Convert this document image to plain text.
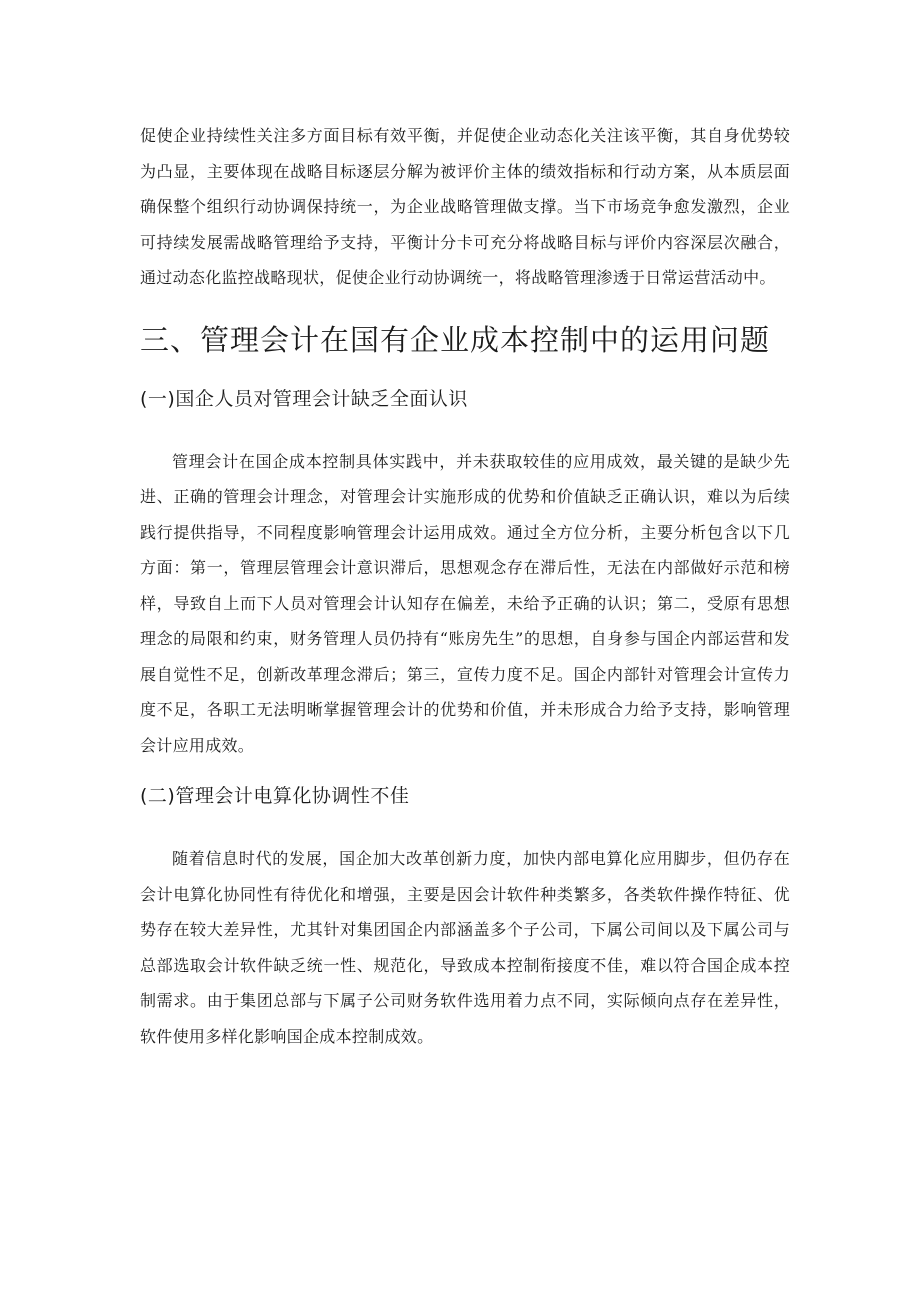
促使企业持续性关注多方面目标有效平衡，并促使企业动态化关注该平衡，其自身优势较为凸显，主要体现在战略目标逐层分解为被评价主体的绩效指标和行动方案，从本质层面确保整个组织行动协调保持统一，为企业战略管理做支撑。当下市场竞争愈发激烈，企业可持续发展需战略管理给予支持，平衡计分卡可充分将战略目标与评价内容深层次融合，通过动态化监控战略现状，促使企业行动协调统一，将战略管理渗透于日常运营活动中。

三、管理会计在国有企业成本控制中的运用问题
(一)国企人员对管理会计缺乏全面认识

管理会计在国企成本控制具体实践中，并未获取较佳的应用成效，最关键的是缺少先进、正确的管理会计理念，对管理会计实施形成的优势和价值缺乏正确认识，难以为后续践行提供指导，不同程度影响管理会计运用成效。通过全方位分析，主要分析包含以下几方面：第一，管理层管理会计意识滞后，思想观念存在滞后性，无法在内部做好示范和榜样，导致自上而下人员对管理会计认知存在偏差，未给予正确的认识；第二，受原有思想理念的局限和约束，财务管理人员仍持有“账房先生”的思想，自身参与国企内部运营和发展自觉性不足，创新改革理念滞后；第三，宣传力度不足。国企内部针对管理会计宣传力度不足，各职工无法明晰掌握管理会计的优势和价值，并未形成合力给予支持，影响管理会计应用成效。

(二)管理会计电算化协调性不佳

随着信息时代的发展，国企加大改革创新力度，加快内部电算化应用脚步，但仍存在会计电算化协同性有待优化和增强，主要是因会计软件种类繁多，各类软件操作特征、优势存在较大差异性，尤其针对集团国企内部涵盖多个子公司，下属公司间以及下属公司与总部选取会计软件缺乏统一性、规范化，导致成本控制衔接度不佳，难以符合国企成本控制需求。由于集团总部与下属子公司财务软件选用着力点不同，实际倾向点存在差异性，软件使用多样化影响国企成本控制成效。
